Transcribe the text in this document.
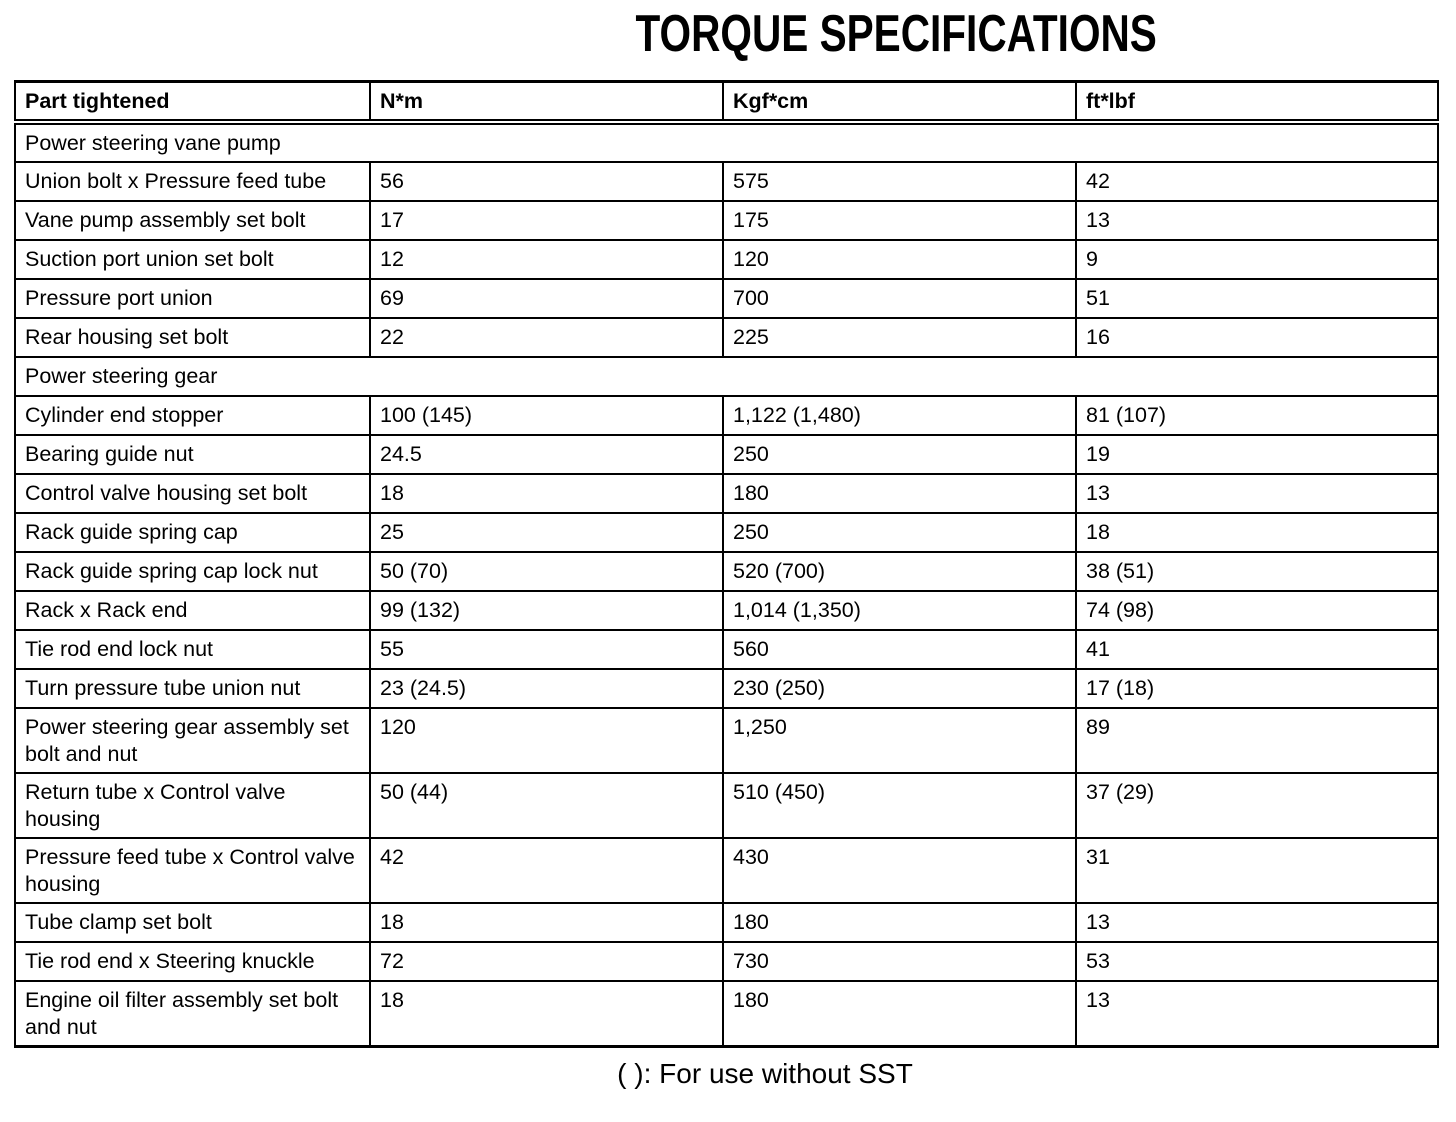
TORQUE SPECIFICATIONS
Part tightened	N*m	Kgf*cm	ft*lbf
Power steering vane pump			
Union bolt x Pressure feed tube	56	575	42
Vane pump assembly set bolt	17	175	13
Suction port union set bolt	12	120	9
Pressure port union	69	700	51
Rear housing set bolt	22	225	16
Power steering gear			
Cylinder end stopper	100 (145)	1,122 (1,480)	81 (107)
Bearing guide nut	24.5	250	19
Control valve housing set bolt	18	180	13
Rack guide spring cap	25	250	18
Rack guide spring cap lock nut	50 (70)	520 (700)	38 (51)
Rack x Rack end	99 (132)	1,014 (1,350)	74 (98)
Tie rod end lock nut	55	560	41
Turn pressure tube union nut	23 (24.5)	230 (250)	17 (18)
Power steering gear assembly set bolt and nut	120	1,250	89
Return tube x Control valve housing	50 (44)	510 (450)	37 (29)
Pressure feed tube x Control valve housing	42	430	31
Tube clamp set bolt	18	180	13
Tie rod end x Steering knuckle	72	730	53
Engine oil filter assembly set bolt and nut	18	180	13
( ): For use without SST
